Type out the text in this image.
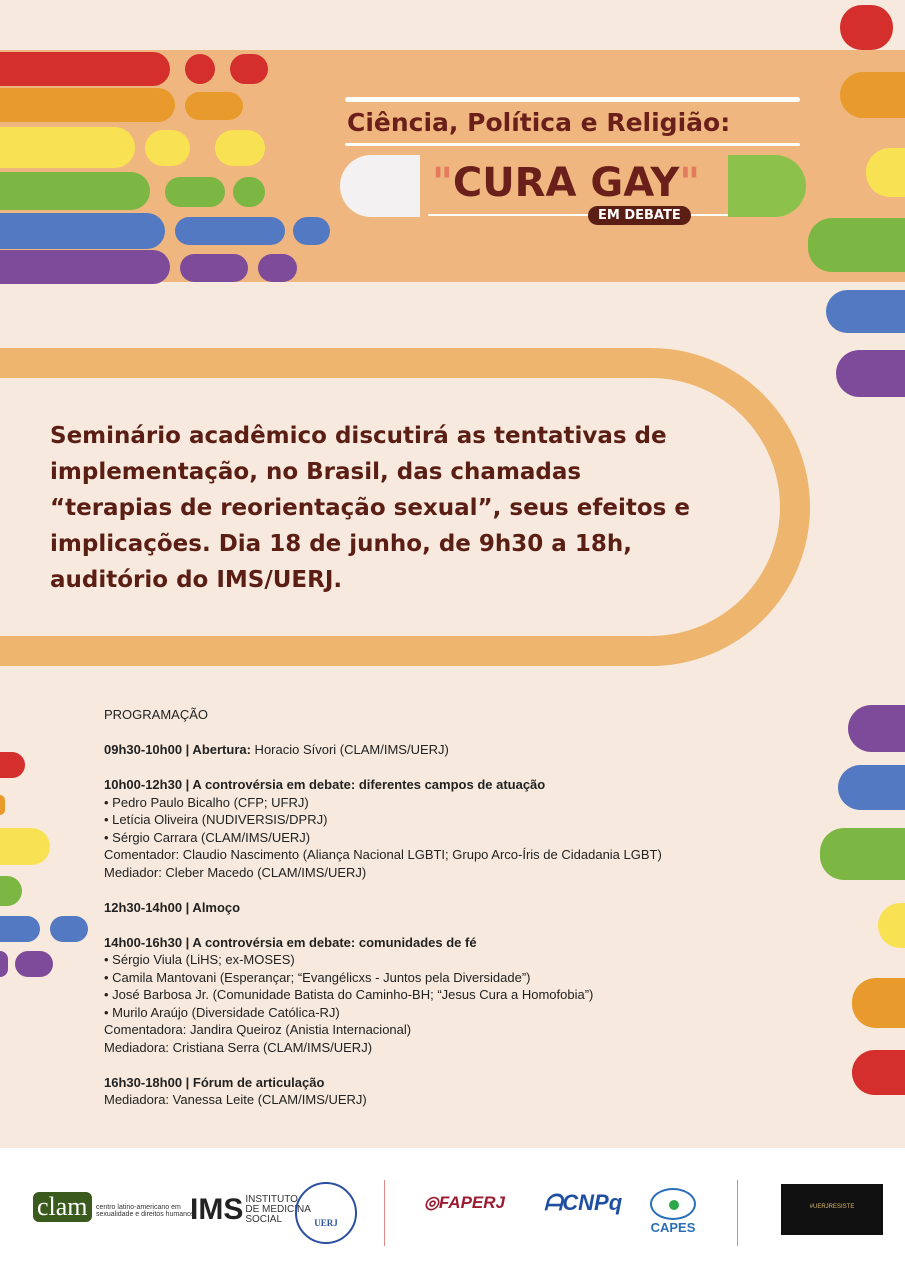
Ciência, Política e Religião:
"CURA GAY"
EM DEBATE
Seminário acadêmico discutirá as tentativas de implementação, no Brasil, das chamadas “terapias de reorientação sexual”, seus efeitos e implicações. Dia 18 de junho, de 9h30 a 18h, auditório do IMS/UERJ.
PROGRAMAÇÃO
09h30-10h00 | Abertura: Horacio Sívori (CLAM/IMS/UERJ)
10h00-12h30 | A controvérsia em debate: diferentes campos de atuação
• Pedro Paulo Bicalho (CFP; UFRJ)
• Letícia Oliveira (NUDIVERSIS/DPRJ)
• Sérgio Carrara (CLAM/IMS/UERJ)
Comentador: Claudio Nascimento (Aliança Nacional LGBTI; Grupo Arco-Íris de Cidadania LGBT)
Mediador: Cleber Macedo (CLAM/IMS/UERJ)
12h30-14h00 | Almoço
14h00-16h30 | A controvérsia em debate: comunidades de fé
• Sérgio Viula (LiHS; ex-MOSES)
• Camila Mantovani (Esperançar; “Evangélicxs - Juntos pela Diversidade”)
• José Barbosa Jr. (Comunidade Batista do Caminho-BH; “Jesus Cura a Homofobia”)
• Murilo Araújo (Diversidade Católica-RJ)
Comentadora: Jandira Queiroz (Anistia Internacional)
Mediadora: Cristiana Serra (CLAM/IMS/UERJ)
16h30-18h00 | Fórum de articulação
Mediadora: Vanessa Leite (CLAM/IMS/UERJ)
clam centro latino-americano em sexualidade e direitos humanos
IMS INSTITUTO DE MEDICINA SOCIAL	UERJ
◎FAPERJ ᗩCNPq
CAPES
#UERJRESISTE
